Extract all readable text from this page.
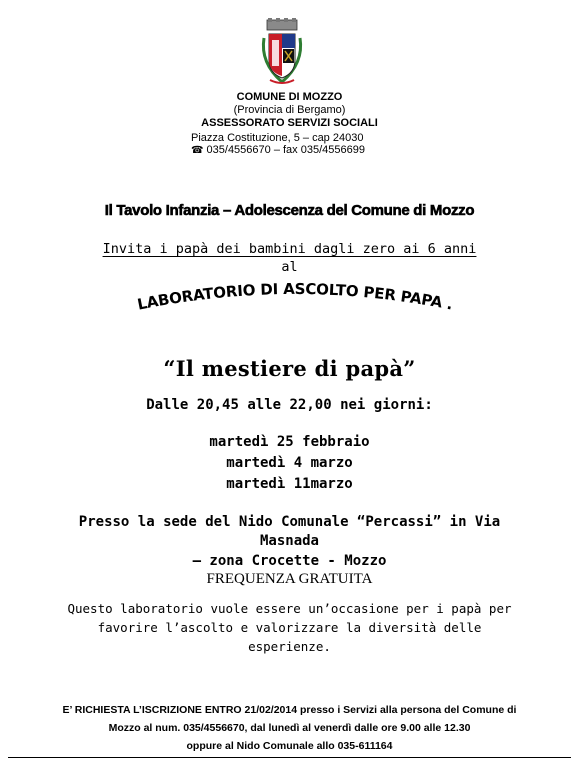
COMUNE DI MOZZO
(Provincia di Bergamo)
ASSESSORATO SERVIZI SOCIALI
Piazza Costituzione, 5 – cap 24030
☎ 035/4556670 – fax 035/4556699
Il Tavolo Infanzia – Adolescenza del Comune di Mozzo
Invita i papà dei bambini dagli zero ai 6 anni
al
LABORATORIO DI ASCOLTO PER PAPA .
“Il mestiere di papà”
Dalle 20,45 alle 22,00 nei giorni:
martedì 25 febbraio
martedì 4 marzo
martedì 11marzo
Presso la sede del Nido Comunale “Percassi” in Via
Masnada
– zona Crocette - Mozzo
FREQUENZA GRATUITA
Questo laboratorio vuole essere un’occasione per i papà per
favorire l’ascolto e valorizzare la diversità delle
esperienze.
E’ RICHIESTA L’ISCRIZIONE ENTRO 21/02/2014 presso i Servizi alla persona del Comune di
Mozzo al num. 035/4556670, dal lunedì al venerdì dalle ore 9.00 alle 12.30
oppure al Nido Comunale allo 035-611164
